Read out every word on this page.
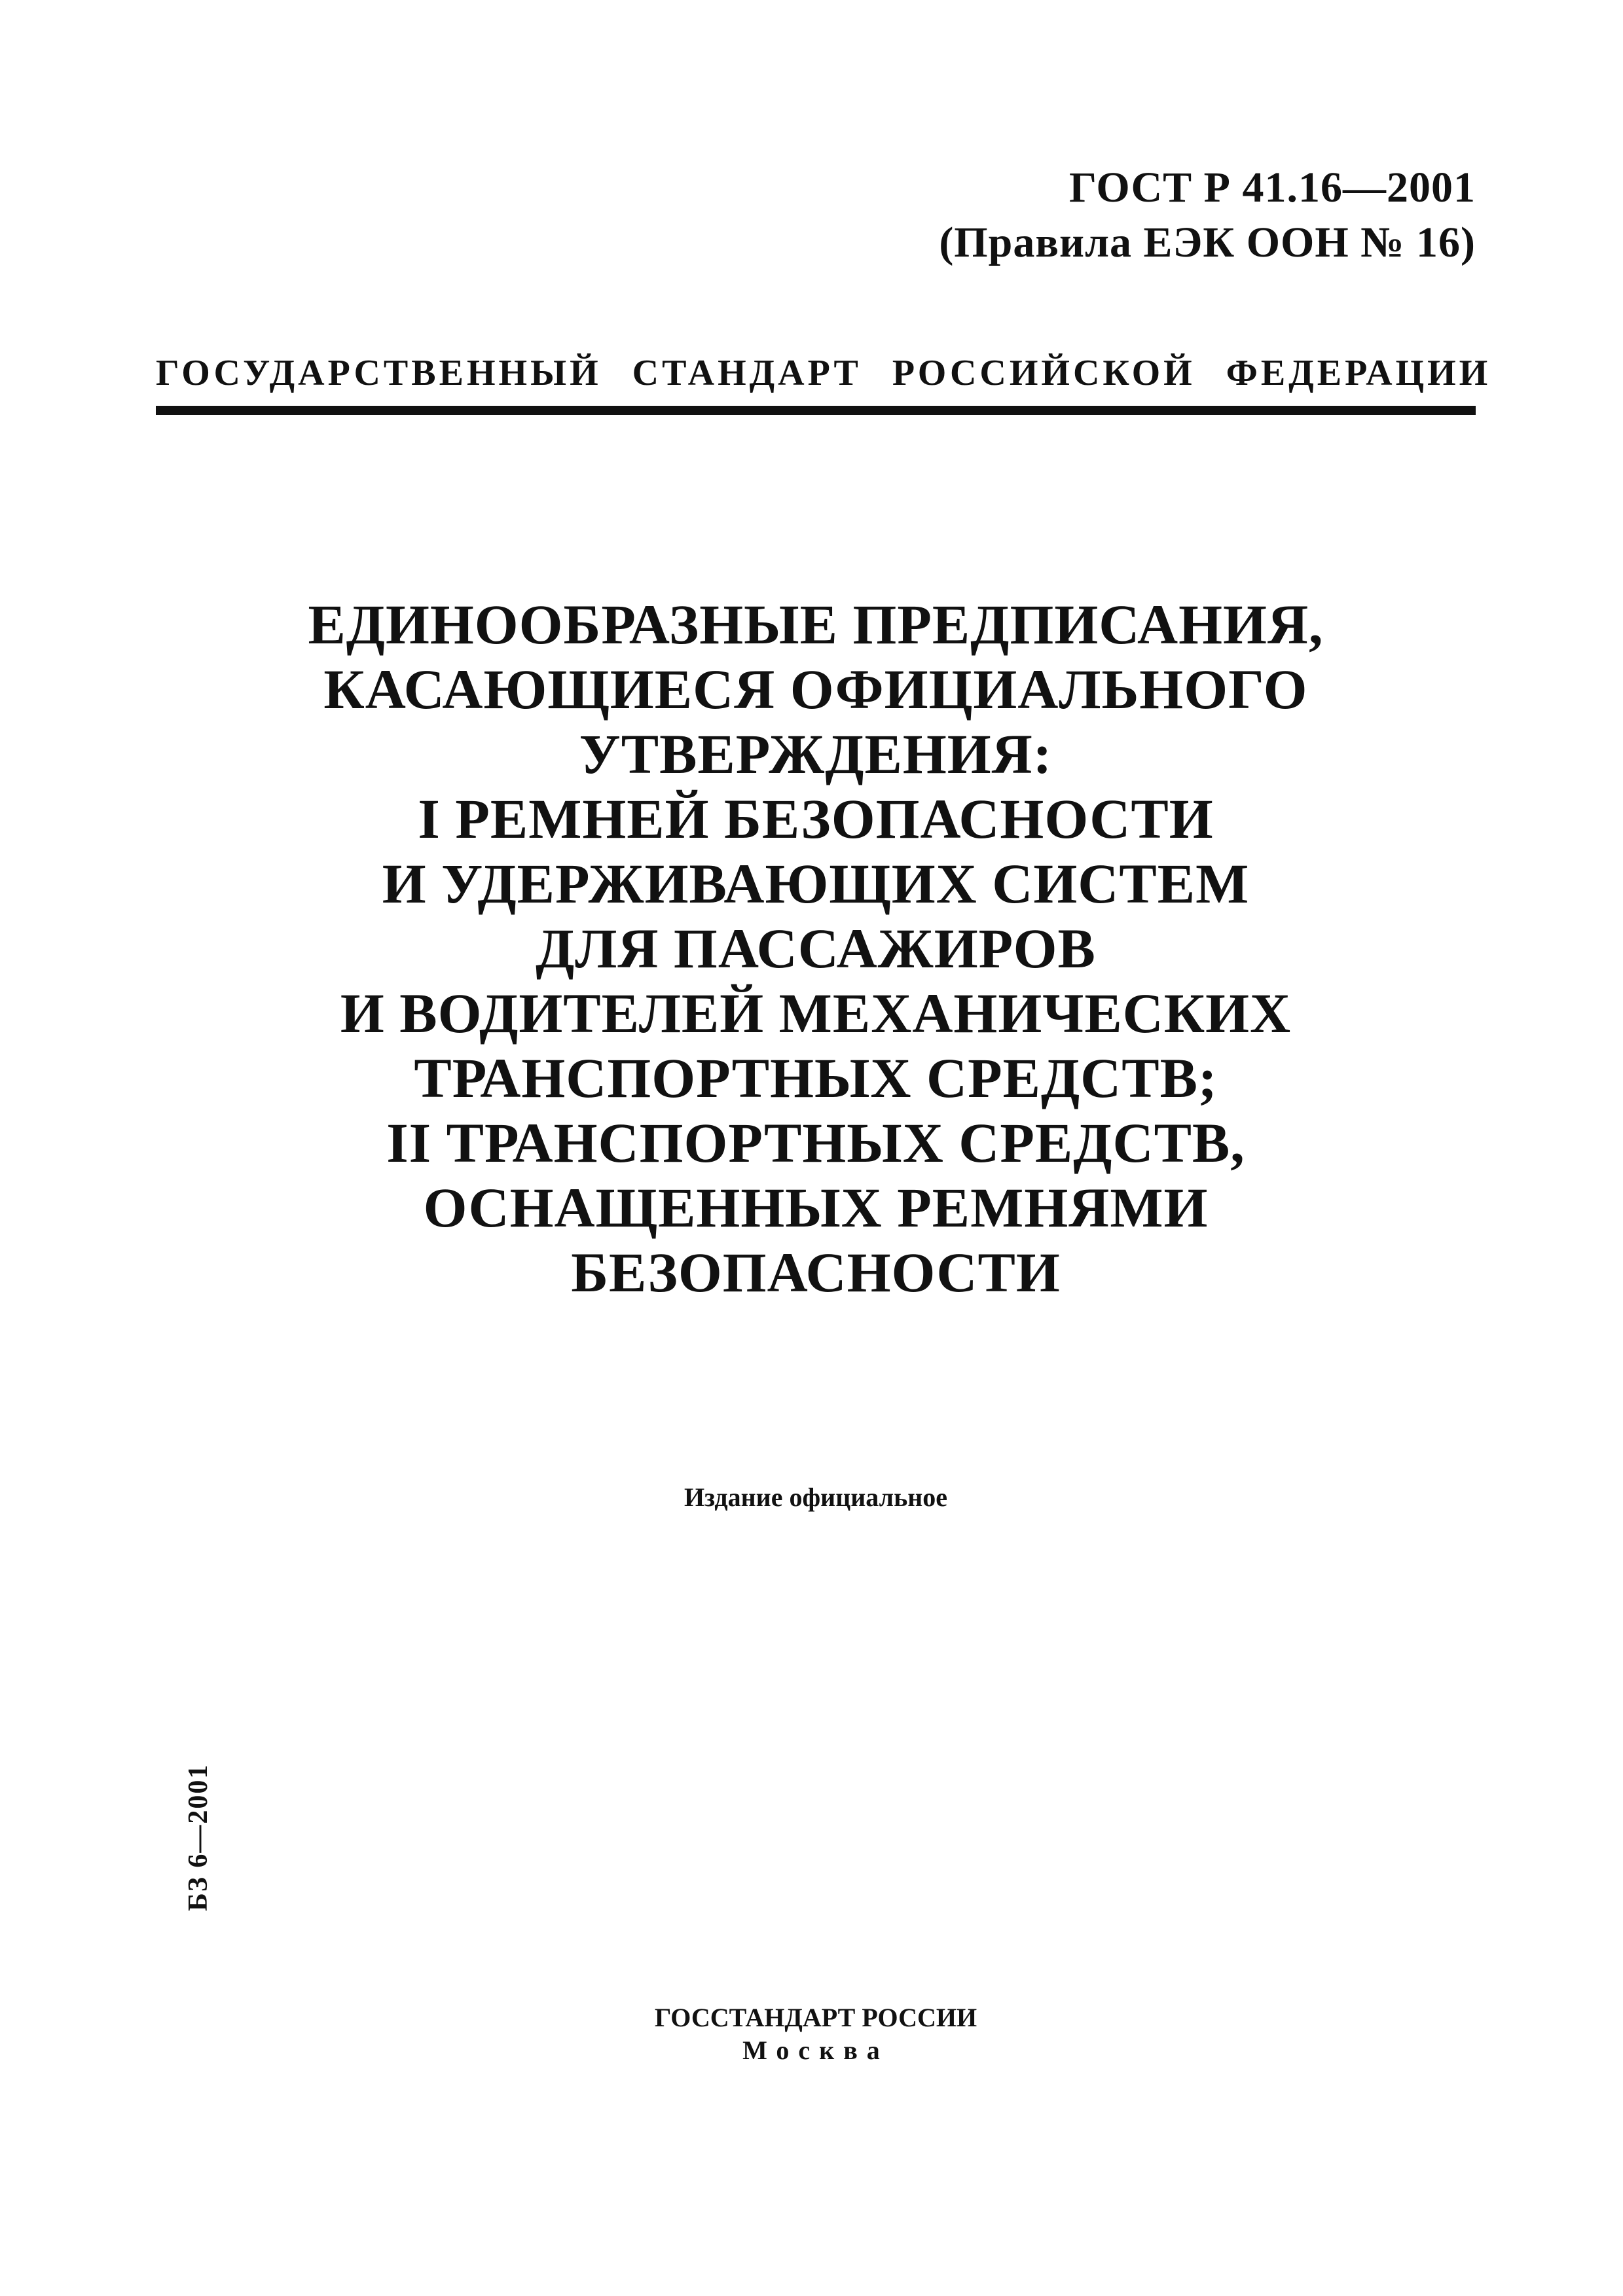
ГОСТ Р 41.16—2001
(Правила ЕЭК ООН № 16)
ГОСУДАРСТВЕННЫЙ СТАНДАРТ РОССИЙСКОЙ ФЕДЕРАЦИИ
ЕДИНООБРАЗНЫЕ ПРЕДПИСАНИЯ,
КАСАЮЩИЕСЯ ОФИЦИАЛЬНОГО
УТВЕРЖДЕНИЯ:
I РЕМНЕЙ БЕЗОПАСНОСТИ
И УДЕРЖИВАЮЩИХ СИСТЕМ
ДЛЯ ПАССАЖИРОВ
И ВОДИТЕЛЕЙ МЕХАНИЧЕСКИХ
ТРАНСПОРТНЫХ СРЕДСТВ;
II ТРАНСПОРТНЫХ СРЕДСТВ,
ОСНАЩЕННЫХ РЕМНЯМИ
БЕЗОПАСНОСТИ
Издание официальное
БЗ 6—2001
ГОССТАНДАРТ РОССИИ
Москва
